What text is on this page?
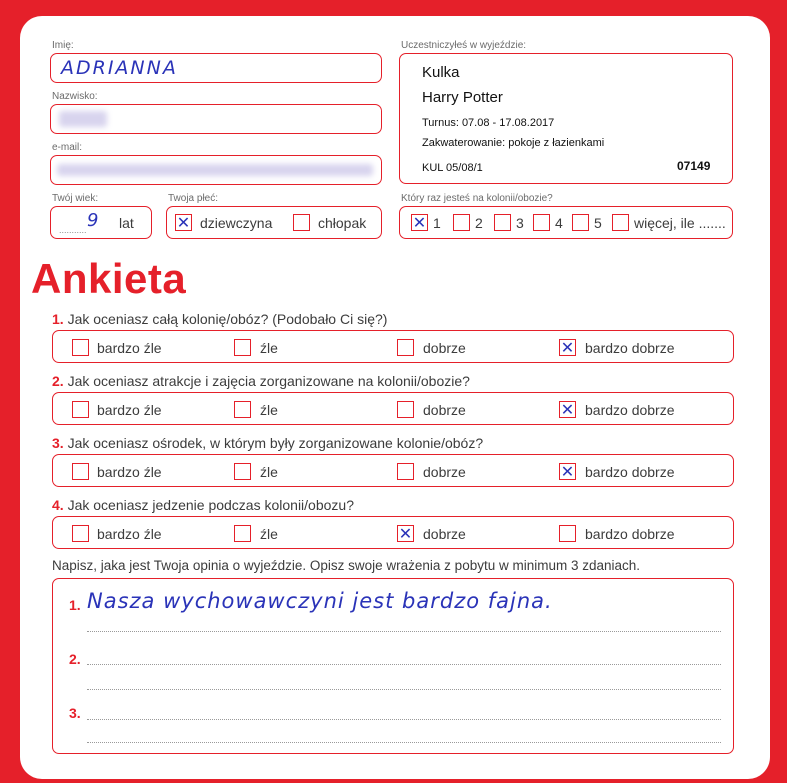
Imię:
ADRIANNA
Nazwisko:
e-mail:
Twój wiek:
........... 9 lat
Twoja płeć:
✕ dziewczyna	chłopak
Uczestniczyłeś w wyjeździe:
Kulka
Harry Potter
Turnus: 07.08 - 17.08.2017
Zakwaterowanie: pokoje z łazienkami
KUL 05/08/1	07149
Który raz jesteś na kolonii/obozie?
✕ 1 2 3 4 5 więcej, ile .......
Ankieta
1. Jak oceniasz całą kolonię/obóz? (Podobało Ci się?)
bardzo źle	źle	dobrze	✕ bardzo dobrze
2. Jak oceniasz atrakcje i zajęcia zorganizowane na kolonii/obozie?
bardzo źle	źle	dobrze	✕ bardzo dobrze
3. Jak oceniasz ośrodek, w którym były zorganizowane kolonie/obóz?
bardzo źle	źle	dobrze	✕ bardzo dobrze
4. Jak oceniasz jedzenie podczas kolonii/obozu?
bardzo źle	źle	✕ dobrze	bardzo dobrze
Napisz, jaka jest Twoja opinia o wyjeździe. Opisz swoje wrażenia z pobytu w minimum 3 zdaniach.
1. Nasza wychowawczyni jest bardzo fajna.
2.
3.
